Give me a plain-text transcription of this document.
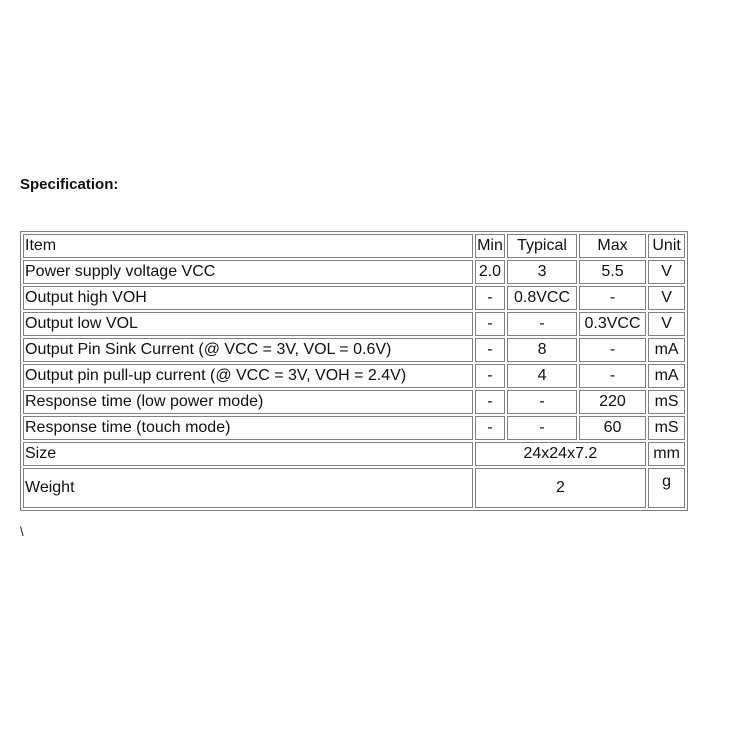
Specification:

Item	Min	Typical	Max	Unit
Power supply voltage VCC	2.0	3	5.5	V
Output high VOH	-	0.8VCC	-	V
Output low VOL	-	-	0.3VCC	V
Output Pin Sink Current (@ VCC = 3V, VOL = 0.6V)	-	8	-	mA
Output pin pull-up current (@ VCC = 3V, VOH = 2.4V)	-	4	-	mA
Response time (low power mode)	-	-	220	mS
Response time (touch mode)	-	-	60	mS
Size	24x24x7.2			mm
Weight	2			g

\
